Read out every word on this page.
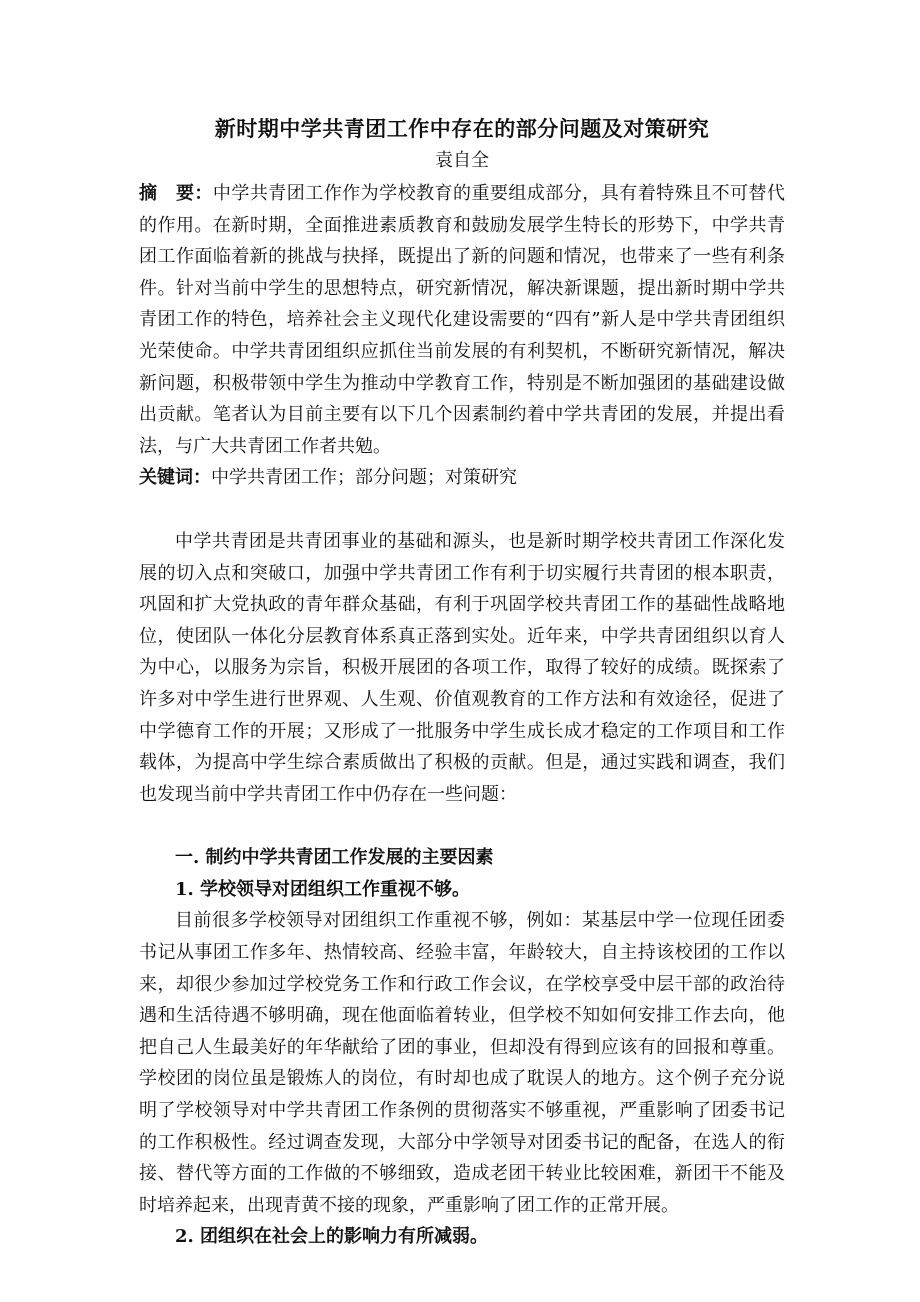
新时期中学共青团工作中存在的部分问题及对策研究
袁自全

摘　要：中学共青团工作作为学校教育的重要组成部分，具有着特殊且不可替代的作用。在新时期，全面推进素质教育和鼓励发展学生特长的形势下，中学共青团工作面临着新的挑战与抉择，既提出了新的问题和情况，也带来了一些有利条件。针对当前中学生的思想特点，研究新情况，解决新课题，提出新时期中学共青团工作的特色，培养社会主义现代化建设需要的“四有”新人是中学共青团组织光荣使命。中学共青团组织应抓住当前发展的有利契机，不断研究新情况，解决新问题，积极带领中学生为推动中学教育工作，特别是不断加强团的基础建设做出贡献。笔者认为目前主要有以下几个因素制约着中学共青团的发展，并提出看法，与广大共青团工作者共勉。

关键词：中学共青团工作；部分问题；对策研究

中学共青团是共青团事业的基础和源头，也是新时期学校共青团工作深化发展的切入点和突破口，加强中学共青团工作有利于切实履行共青团的根本职责，巩固和扩大党执政的青年群众基础，有利于巩固学校共青团工作的基础性战略地位，使团队一体化分层教育体系真正落到实处。近年来，中学共青团组织以育人为中心，以服务为宗旨，积极开展团的各项工作，取得了较好的成绩。既探索了许多对中学生进行世界观、人生观、价值观教育的工作方法和有效途径，促进了中学德育工作的开展；又形成了一批服务中学生成长成才稳定的工作项目和工作载体，为提高中学生综合素质做出了积极的贡献。但是，通过实践和调查，我们也发现当前中学共青团工作中仍存在一些问题：

一. 制约中学共青团工作发展的主要因素

1. 学校领导对团组织工作重视不够。

目前很多学校领导对团组织工作重视不够，例如：某基层中学一位现任团委书记从事团工作多年、热情较高、经验丰富，年龄较大，自主持该校团的工作以来，却很少参加过学校党务工作和行政工作会议，在学校享受中层干部的政治待遇和生活待遇不够明确，现在他面临着转业，但学校不知如何安排工作去向，他把自己人生最美好的年华献给了团的事业，但却没有得到应该有的回报和尊重。学校团的岗位虽是锻炼人的岗位，有时却也成了耽误人的地方。这个例子充分说明了学校领导对中学共青团工作条例的贯彻落实不够重视，严重影响了团委书记的工作积极性。经过调查发现，大部分中学领导对团委书记的配备，在选人的衔接、替代等方面的工作做的不够细致，造成老团干转业比较困难，新团干不能及时培养起来，出现青黄不接的现象，严重影响了团工作的正常开展。

2. 团组织在社会上的影响力有所减弱。
